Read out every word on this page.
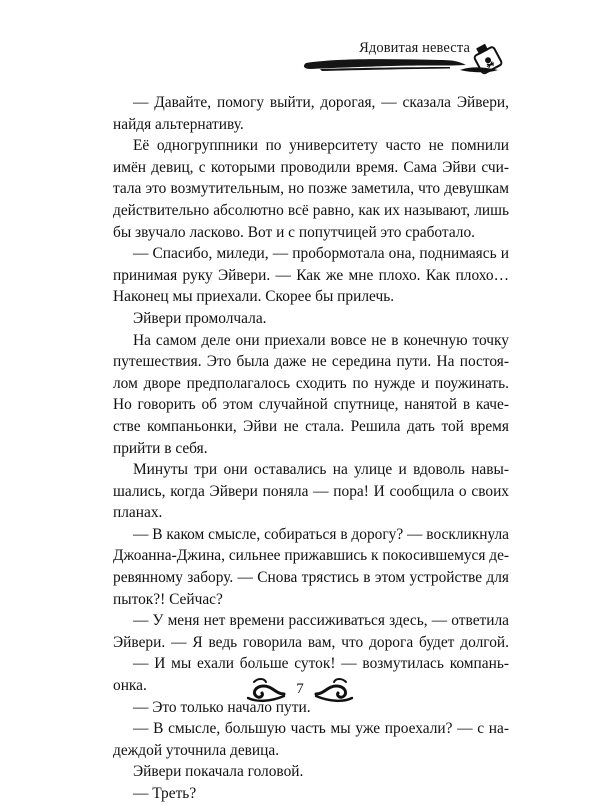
Ядовитая невеста
— Давайте, помогу выйти, дорогая, — сказала Эйвери,
найдя альтернативу.
Её одногруппники по университету часто не помнили
имён девиц, с которыми проводили время. Сама Эйви счи-
тала это возмутительным, но позже заметила, что девушкам
действительно абсолютно всё равно, как их называют, лишь
бы звучало ласково. Вот и с попутчицей это сработало.
— Спасибо, миледи, — пробормотала она, поднимаясь и
принимая руку Эйвери. — Как же мне плохо. Как плохо…
Наконец мы приехали. Скорее бы прилечь.
Эйвери промолчала.
На самом деле они приехали вовсе не в конечную точку
путешествия. Это была даже не середина пути. На постоя-
лом дворе предполагалось сходить по нужде и поужинать.
Но говорить об этом случайной спутнице, нанятой в каче-
стве компаньонки, Эйви не стала. Решила дать той время
прийти в себя.
Минуты три они оставались на улице и вдоволь навы-
шались, когда Эйвери поняла — пора! И сообщила о своих
планах.
— В каком смысле, собираться в дорогу? — воскликнула
Джоанна-Джина, сильнее прижавшись к покосившемуся де-
ревянному забору. — Снова трястись в этом устройстве для
пыток?! Сейчас?
— У меня нет времени рассиживаться здесь, — ответила
Эйвери. — Я ведь говорила вам, что дорога будет долгой.
— И мы ехали больше суток! — возмутилась компань-
онка.
— Это только начало пути.
— В смысле, большую часть мы уже проехали? — с на-
деждой уточнила девица.
Эйвери покачала головой.
— Треть?
7
